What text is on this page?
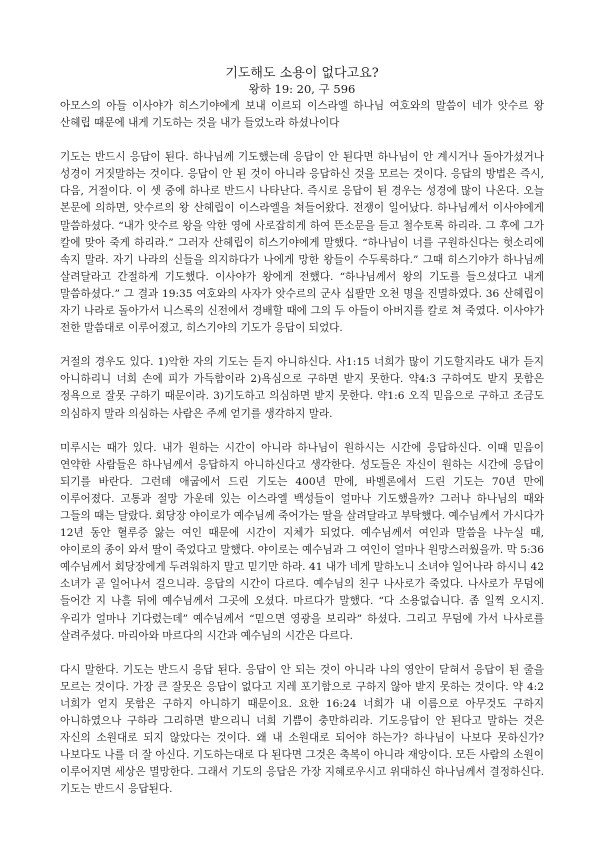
기도해도 소용이 없다고요?

왕하 19: 20, 구 596

아모스의 아들 이사야가 히스기야에게 보내 이르되 이스라엘 하나님 여호와의 말씀이 네가 앗수르 왕 산헤립 때문에 내게 기도하는 것을 내가 들었노라 하셨나이다

기도는 반드시 응답이 된다. 하나님께 기도했는데 응답이 안 된다면 하나님이 안 계시거나 돌아가셨거나 성경이 거짓말하는 것이다. 응답이 안 된 것이 아니라 응답하신 것을 모르는 것이다. 응답의 방법은 즉시, 다음, 거절이다. 이 셋 중에 하나로 반드시 나타난다. 즉시로 응답이 된 경우는 성경에 많이 나온다. 오늘 본문에 의하면, 앗수르의 왕 산헤립이 이스라엘을 쳐들어왔다. 전쟁이 일어났다. 하나님께서 이사야에게 말씀하셨다. “내가 앗수르 왕을 악한 영에 사로잡히게 하여 뜬소문을 듣고 철수토록 하리라. 그 후에 그가 칼에 맞아 죽게 하리라.” 그러자 산헤립이 히스기야에게 말했다. “하나님이 너를 구원하신다는 헛소리에 속지 말라. 자기 나라의 신들을 의지하다가 나에게 망한 왕들이 수두룩하다.” 그때 히스기야가 하나님께 살려달라고 간절하게 기도했다. 이사야가 왕에게 전했다. “하나님께서 왕의 기도를 들으셨다고 내게 말씀하셨다.” 그 결과 19:35 여호와의 사자가 앗수르의 군사 십팔만 오천 명을 진멸하였다. 36 산헤립이 자기 나라로 돌아가서 니스록의 신전에서 경배할 때에 그의 두 아들이 아버지를 칼로 쳐 죽였다. 이사야가 전한 말씀대로 이루어졌고, 히스기야의 기도가 응답이 되었다.

거절의 경우도 있다. 1)악한 자의 기도는 듣지 아니하신다. 사1:15 너희가 많이 기도할지라도 내가 듣지 아니하리니 너희 손에 피가 가득함이라 2)욕심으로 구하면 받지 못한다. 약4:3 구하여도 받지 못함은 정욕으로 잘못 구하기 때문이라. 3)기도하고 의심하면 받지 못한다. 약1:6 오직 믿음으로 구하고 조금도 의심하지 말라 의심하는 사람은 주께 얻기를 생각하지 말라.

미루시는 때가 있다. 내가 원하는 시간이 아니라 하나님이 원하시는 시간에 응답하신다. 이때 믿음이 연약한 사람들은 하나님께서 응답하지 아니하신다고 생각한다. 성도들은 자신이 원하는 시간에 응답이 되기를 바란다. 그런데 애굽에서 드린 기도는 400년 만에, 바벨론에서 드린 기도는 70년 만에 이루어졌다. 고통과 절망 가운데 있는 이스라엘 백성들이 얼마나 기도했을까? 그러나 하나님의 때와 그들의 때는 달랐다. 회당장 야이로가 예수님께 죽어가는 딸을 살려달라고 부탁했다. 예수님께서 가시다가 12년 동안 혈루증 앓는 여인 때문에 시간이 지체가 되었다. 예수님께서 여인과 말씀을 나누실 때, 야이로의 종이 와서 딸이 죽었다고 말했다. 야이로는 예수님과 그 여인이 얼마나 원망스러웠을까. 막 5:36 예수님께서 회당장에게 두려워하지 말고 믿기만 하라. 41 내가 네게 말하노니 소녀야 일어나라 하시니 42 소녀가 곧 일어나서 걸으니라. 응답의 시간이 다르다. 예수님의 친구 나사로가 죽었다. 나사로가 무덤에 들어간 지 나흘 뒤에 예수님께서 그곳에 오셨다. 마르다가 말했다. “다 소용없습니다. 좀 일찍 오시지. 우리가 얼마나 기다렸는데” 예수님께서 “믿으면 영광을 보리라” 하셨다. 그리고 무덤에 가서 나사로를 살려주셨다. 마리아와 마르다의 시간과 예수님의 시간은 다르다.

다시 말한다. 기도는 반드시 응답 된다. 응답이 안 되는 것이 아니라 나의 영안이 닫혀서 응답이 된 줄을 모르는 것이다. 가장 큰 잘못은 응답이 없다고 지레 포기함으로 구하지 않아 받지 못하는 것이다. 약 4:2 너희가 얻지 못함은 구하지 아니하기 때문이요. 요한 16:24 너희가 내 이름으로 아무것도 구하지 아니하였으나 구하라 그리하면 받으리니 너희 기쁨이 충만하리라. 기도응답이 안 된다고 말하는 것은 자신의 소원대로 되지 않았다는 것이다. 왜 내 소원대로 되어야 하는가? 하나님이 나보다 못하신가? 나보다도 나를 더 잘 아신다. 기도하는대로 다 된다면 그것은 축복이 아니라 재앙이다. 모든 사람의 소원이 이루어지면 세상은 멸망한다. 그래서 기도의 응답은 가장 지혜로우시고 위대하신 하나님께서 결정하신다. 기도는 반드시 응답된다.
